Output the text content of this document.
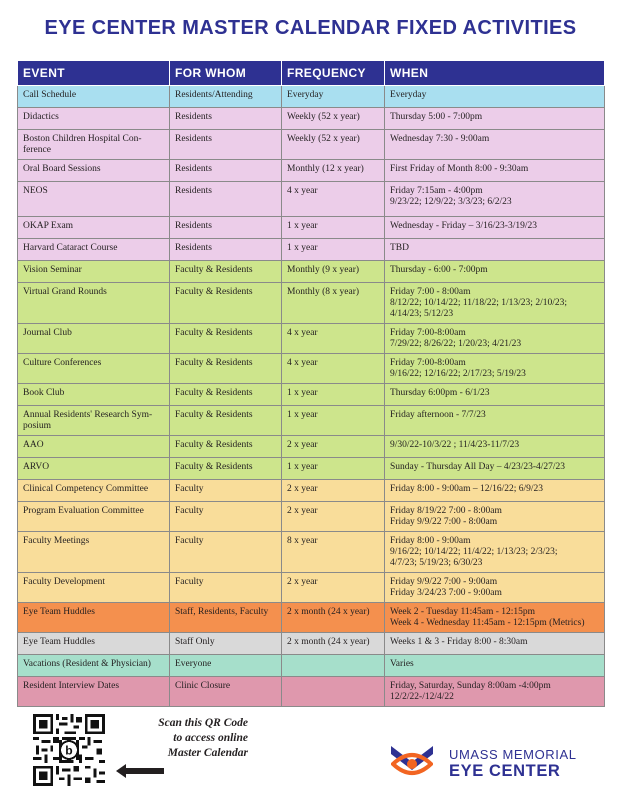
EYE CENTER MASTER CALENDAR FIXED ACTIVITIES
EVENT	FOR WHOM	FREQUENCY	WHEN
Call Schedule	Residents/Attending	Everyday	Everyday

Didactics	Residents	Weekly (52 x year)	Thursday 5:00 - 7:00pm

Boston Children Hospital Con-ference	Residents	Weekly (52 x year)	Wednesday 7:30 - 9:00am

Oral Board Sessions	Residents	Monthly (12 x year)	First Friday of Month 8:00 - 9:30am

NEOS	Residents	4 x year	Friday 7:15am - 4:00pm
9/23/22; 12/9/22; 3/3/23; 6/2/23

OKAP Exam	Residents	1 x year	Wednesday - Friday – 3/16/23-3/19/23

Harvard Cataract Course	Residents	1 x year	TBD

Vision Seminar	Faculty & Residents	Monthly (9 x year)	Thursday - 6:00 - 7:00pm

Virtual Grand Rounds	Faculty & Residents	Monthly (8 x year)	Friday 7:00 - 8:00am
8/12/22; 10/14/22; 11/18/22; 1/13/23; 2/10/23;
4/14/23; 5/12/23

Journal Club	Faculty & Residents	4 x year	Friday 7:00-8:00am
7/29/22; 8/26/22; 1/20/23; 4/21/23

Culture Conferences	Faculty & Residents	4 x year	Friday 7:00-8:00am
9/16/22; 12/16/22; 2/17/23; 5/19/23

Book Club	Faculty & Residents	1 x year	Thursday 6:00pm - 6/1/23

Annual Residents' Research Sym-posium	Faculty & Residents	1 x year	Friday afternoon - 7/7/23

AAO	Faculty & Residents	2 x year	9/30/22-10/3/22 ; 11/4/23-11/7/23

ARVO	Faculty & Residents	1 x year	Sunday - Thursday All Day – 4/23/23-4/27/23

Clinical Competency Committee	Faculty	2 x year	Friday 8:00 - 9:00am – 12/16/22; 6/9/23

Program Evaluation Committee	Faculty	2 x year	Friday 8/19/22 7:00 - 8:00am
Friday 9/9/22 7:00 - 8:00am

Faculty Meetings	Faculty	8 x year	Friday 8:00 - 9:00am
9/16/22; 10/14/22; 11/4/22; 1/13/23; 2/3/23;
4/7/23; 5/19/23; 6/30/23

Faculty Development	Faculty	2 x year	Friday 9/9/22 7:00 - 9:00am
Friday 3/24/23 7:00 - 9:00am

Eye Team Huddles	Staff, Residents, Faculty	2 x month (24 x year)	Week 2 - Tuesday 11:45am - 12:15pm
Week 4 - Wednesday 11:45am - 12:15pm (Metrics)

Eye Team Huddles	Staff Only	2 x month (24 x year)	Weeks 1 & 3 - Friday 8:00 - 8:30am

Vacations (Resident & Physician)	Everyone		Varies

Resident Interview Dates	Clinic Closure		Friday, Saturday, Sunday 8:00am -4:00pm
12/2/22-/12/4/22
b
Scan this QR Code
to access online
Master Calendar	UMASS MEMORIAL
EYE CENTER
